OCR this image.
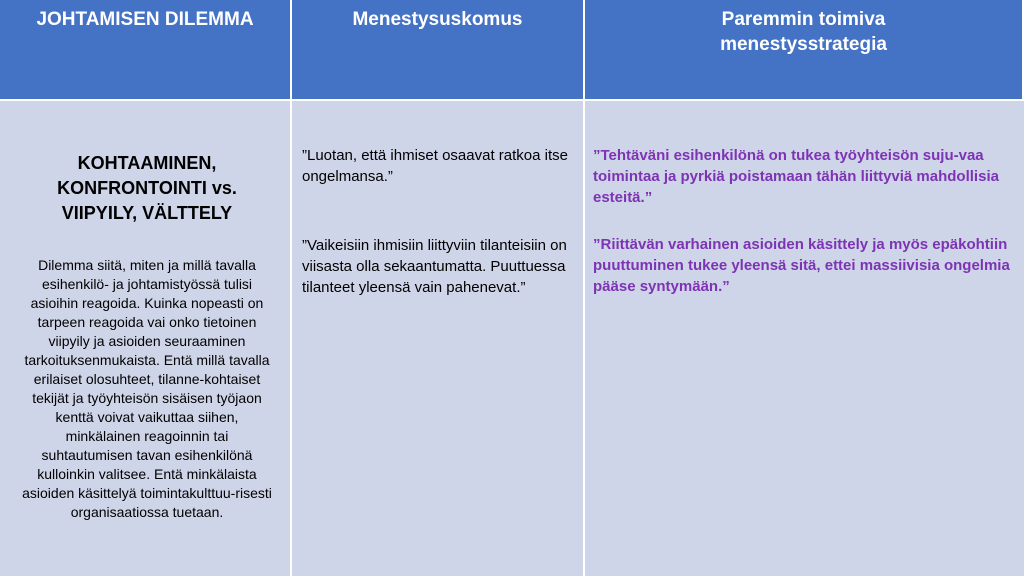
JOHTAMISEN DILEMMA	Menestysuskomus	Paremmin toimiva
menestysstrategia
KOHTAAMINEN,
KONFRONTOINTI vs.
VIIPYILY, VÄLTTELY

Dilemma siitä, miten ja millä tavalla esihenkilö- ja johtamistyössä tulisi asioihin reagoida. Kuinka nopeasti on tarpeen reagoida vai onko tietoinen viipyily ja asioiden seuraaminen tarkoituksenmukaista. Entä millä tavalla erilaiset olosuhteet, tilanne-kohtaiset tekijät ja työyhteisön sisäisen työjaon kenttä voivat vaikuttaa siihen, minkälainen reagoinnin tai suhtautumisen tavan esihenkilönä kulloinkin valitsee. Entä minkälaista asioiden käsittelyä toimintakulttuu-risesti organisaatiossa tuetaan.

”Luotan, että ihmiset osaavat ratkoa itse ongelmansa.”

”Vaikeisiin ihmisiin liittyviin tilanteisiin on viisasta olla sekaantumatta. Puuttuessa tilanteet yleensä vain pahenevat.”

”Tehtäväni esihenkilönä on tukea työyhteisön suju-vaa toimintaa ja pyrkiä poistamaan tähän liittyviä mahdollisia esteitä.”

”Riittävän varhainen asioiden käsittely ja myös epäkohtiin puuttuminen tukee yleensä sitä, ettei massiivisia ongelmia pääse syntymään.”
